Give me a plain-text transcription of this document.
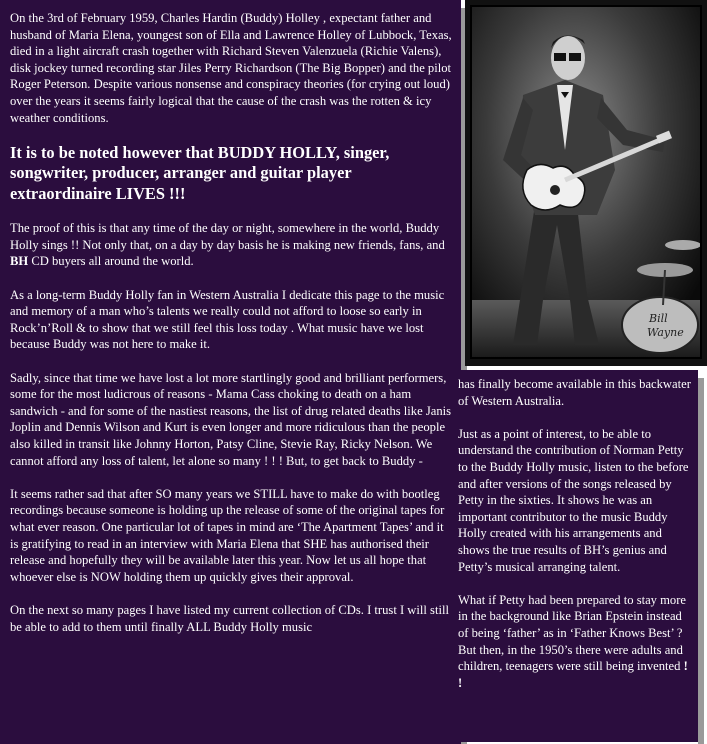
On the 3rd of February 1959, Charles Hardin (Buddy) Holley , expectant father and husband of Maria Elena, youngest son of Ella and Lawrence Holley of Lubbock, Texas, died in a light aircraft crash together with Richard Steven Valenzuela (Richie Valens), disk jockey turned recording star Jiles Perry Richardson (The Big Bopper) and the pilot Roger Peterson. Despite various nonsense and conspiracy theories (for crying out loud) over the years it seems fairly logical that the cause of the crash was the rotten & icy weather conditions.

It is to be noted however that BUDDY HOLLY, singer, songwriter, producer, arranger and guitar player extraordinaire LIVES !!!

The proof of this is that any time of the day or night, somewhere in the world, Buddy Holly sings !! Not only that, on a day by day basis he is making new friends, fans, and BH CD buyers all around the world.

As a long-term Buddy Holly fan in Western Australia I dedicate this page to the music and memory of a man who’s talents we really could not afford to loose so early in Rock’n’Roll & to show that we still feel this loss today . What music have we lost because Buddy was not here to make it.

Sadly, since that time we have lost a lot more startlingly good and brilliant performers, some for the most ludicrous of reasons - Mama Cass choking to death on a ham sandwich - and for some of the nastiest reasons, the list of drug related deaths like Janis Joplin and Dennis Wilson and Kurt is even longer and more ridiculous than the people also killed in transit like Johnny Horton, Patsy Cline, Stevie Ray, Ricky Nelson. We cannot afford any loss of talent, let alone so many ! ! ! But, to get back to Buddy -

It seems rather sad that after SO many years we STILL have to make do with bootleg recordings because someone is holding up the release of some of the original tapes for what ever reason. One particular lot of tapes in mind are ‘The Apartment Tapes’ and it is gratifying to read in an interview with Maria Elena that SHE has authorised their release and hopefully they will be available later this year. Now let us all hope that whoever else is NOW holding them up quickly gives their approval.

On the next so many pages I have listed my current collection of CDs. I trust I will still be able to add to them until finally ALL Buddy Holly music

Bill
Wayne

has finally become available in this backwater of Western Australia.

Just as a point of interest, to be able to understand the contribution of Norman Petty to the Buddy Holly music, listen to the before and after versions of the songs released by Petty in the sixties. It shows he was an important contributor to the music Buddy Holly created with his arrangements and shows the true results of BH’s genius and Petty’s musical arranging talent.

What if Petty had been prepared to stay more in the background like Brian Epstein instead of being ‘father’ as in ‘Father Knows Best’ ? But then, in the 1950’s there were adults and children, teenagers were still being invented ! !
